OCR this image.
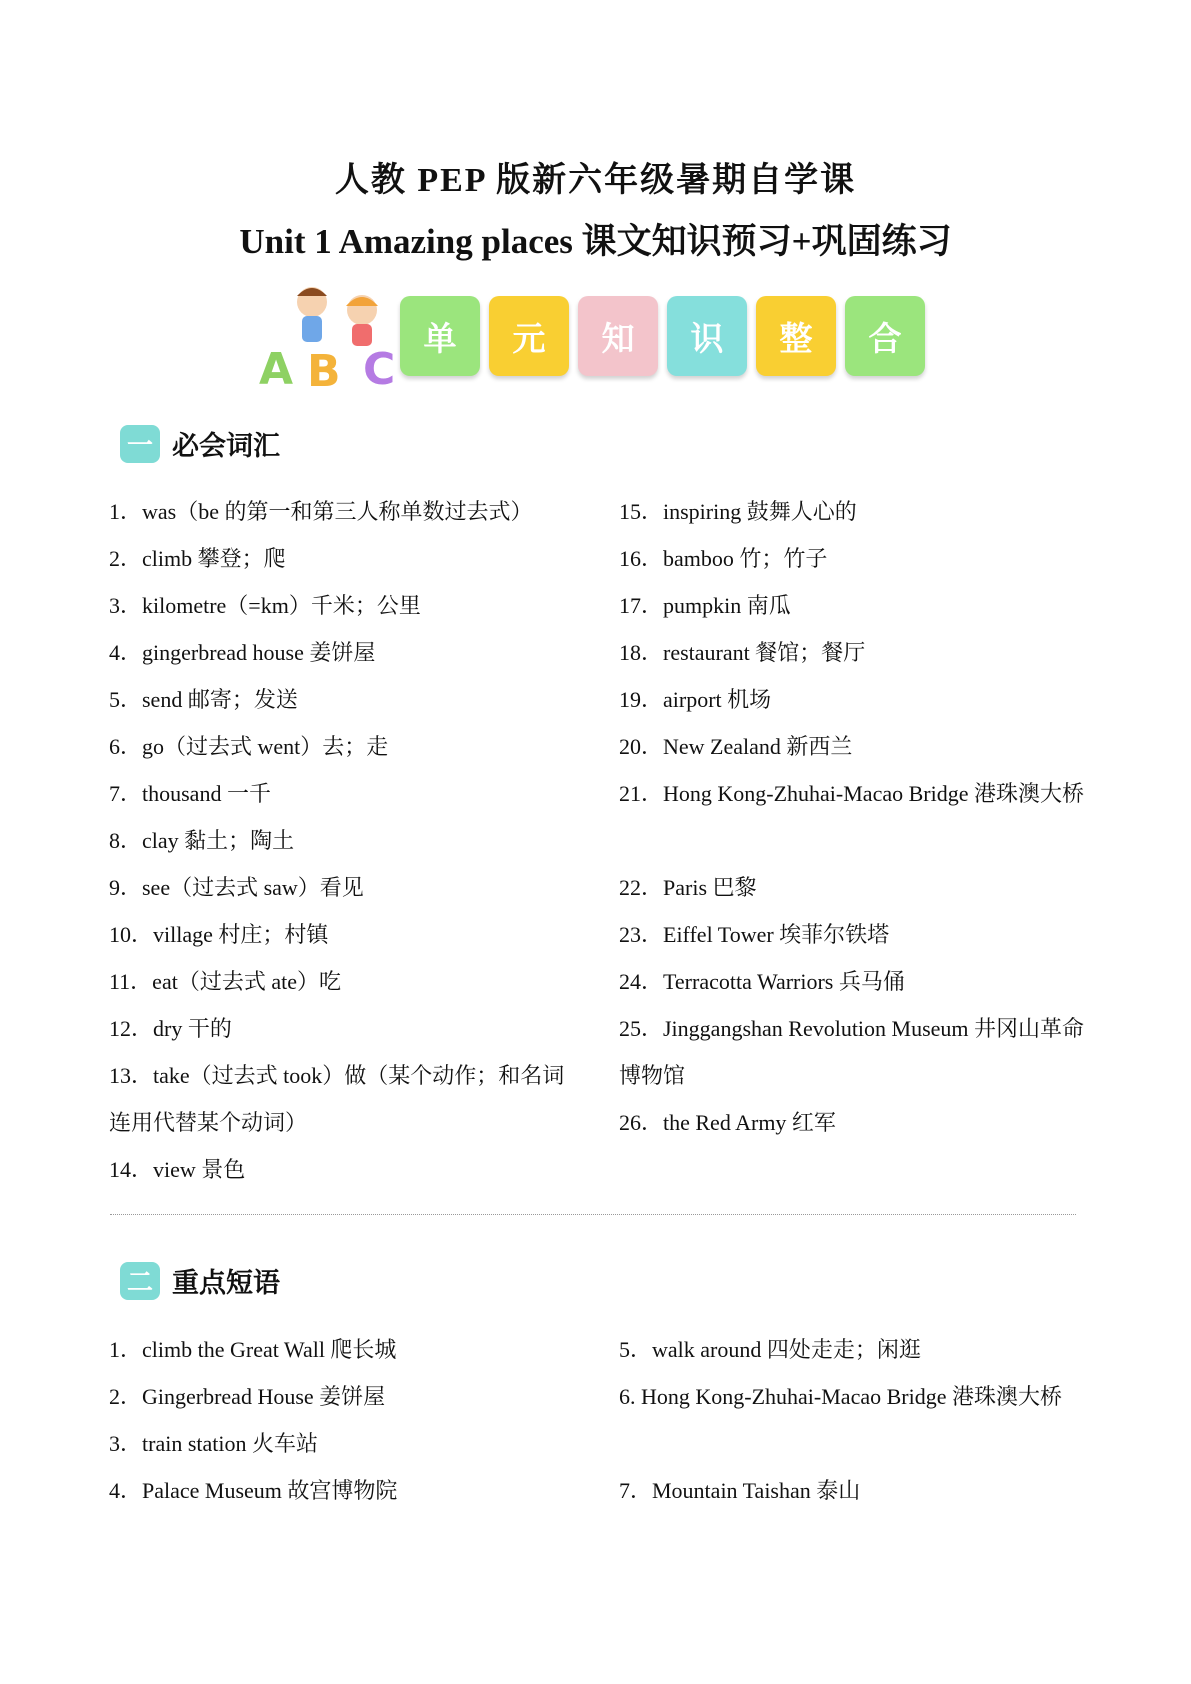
人教 PEP 版新六年级暑期自学课
Unit 1 Amazing places 课文知识预习+巩固练习
A B C
单 元 知 识 整 合
一 必会词汇
1．was（be 的第一和第三人称单数过去式）
2．climb 攀登；爬
3．kilometre（=km）千米；公里
4．gingerbread house 姜饼屋
5．send 邮寄；发送
6．go（过去式 went）去；走
7．thousand 一千
8．clay 黏土；陶土
9．see（过去式 saw）看见
10．village 村庄；村镇
11．eat（过去式 ate）吃
12．dry 干的
13．take（过去式 took）做（某个动作；和名词连用代替某个动词）
14．view 景色
15．inspiring 鼓舞人心的
16．bamboo 竹；竹子
17．pumpkin 南瓜
18．restaurant 餐馆；餐厅
19．airport 机场
20．New Zealand 新西兰
21．Hong Kong-Zhuhai-Macao Bridge 港珠澳大桥
22．Paris 巴黎
23．Eiffel Tower 埃菲尔铁塔
24．Terracotta Warriors 兵马俑
25．Jinggangshan Revolution Museum 井冈山革命博物馆
26．the Red Army 红军
二 重点短语
1．climb the Great Wall 爬长城
2．Gingerbread House 姜饼屋
3．train station 火车站
4．Palace Museum 故宫博物院
5．walk around 四处走走；闲逛
6. Hong Kong-Zhuhai-Macao Bridge 港珠澳大桥
7．Mountain Taishan 泰山
